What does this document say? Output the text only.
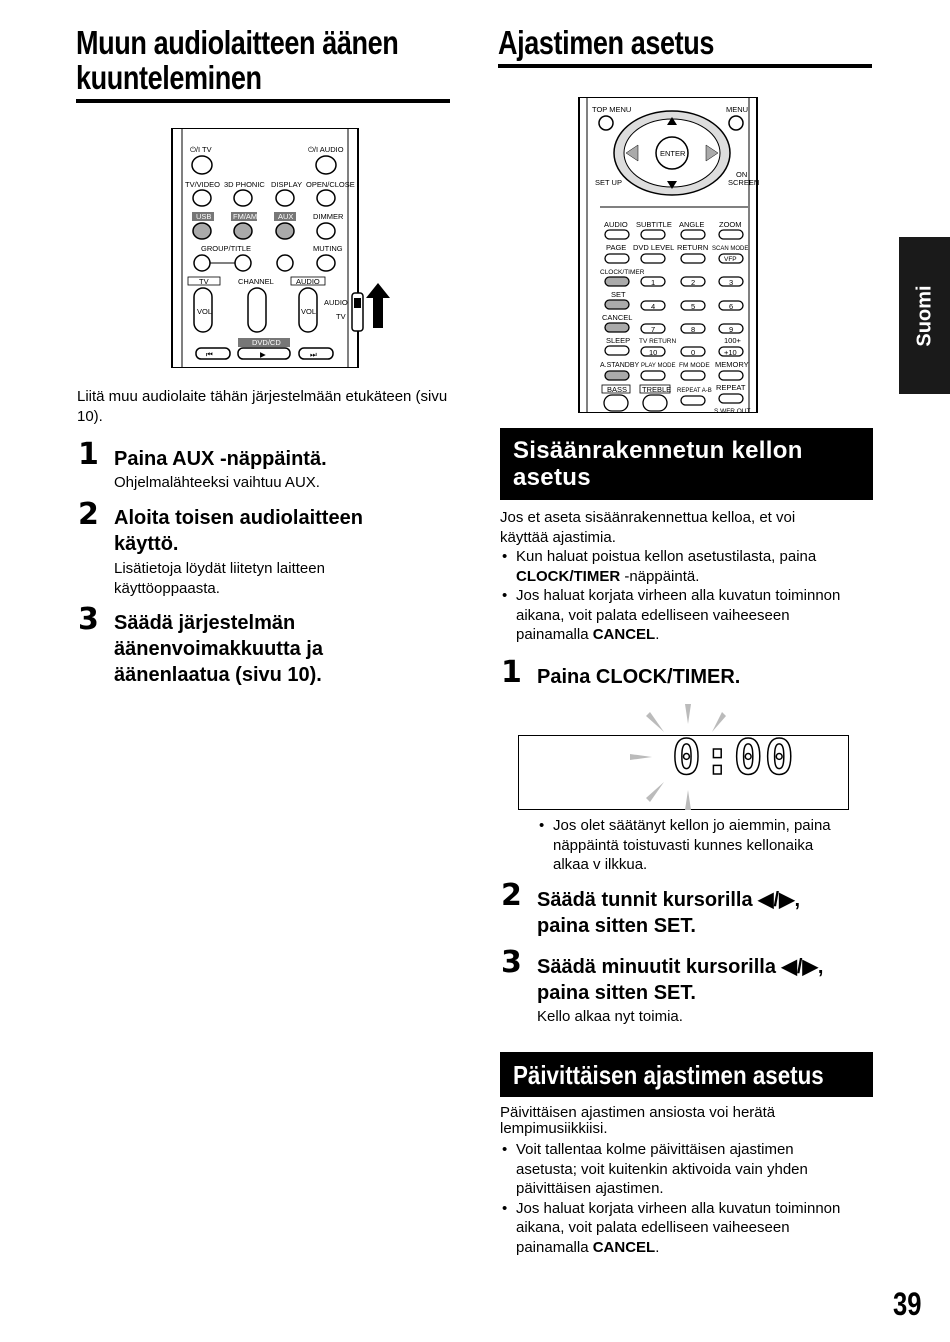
Muun audiolaitteen äänen
kuunteleminen
⏻/I TV	⏻/I AUDIO
TV/VIDEO 3D PHONIC DISPLAY OPEN/CLOSE
USB	FM/AM	AUX	DIMMER
GROUP/TITLE	MUTING
TV	CHANNEL	AUDIO
VOL	VOL
AUDIO
TV
DVD/CD
⏮	▶	⏭
Liitä muu audiolaite tähän järjestelmään etukäteen (sivu 10).
1 Paina AUX -näppäintä.
Ohjelmalähteeksi vaihtuu AUX.
2 Aloita toisen audiolaitteen
käyttö.
Lisätietoja löydät liitetyn laitteen
käyttöoppaasta.
3 Säädä järjestelmän
äänenvoimakkuutta ja
äänenlaatua (sivu 10).
Ajastimen asetus
TOP MENU	MENU
ENTER
SET UP
ON
SCREEN
AUDIO SUBTITLE ANGLE ZOOM
PAGE DVD LEVEL RETURN SCAN MODE
VFP
CLOCK/TIMER
SET
CANCEL
SLEEP
1	2	3
4	5	6
7	8	9
TV RETURN	100+
10	0	+10
A.STANDBY PLAY MODE FM MODE MEMORY
BASS TREBLE REPEAT A-B REPEAT
S.WFR OUT
Sisäänrakennetun kellon
asetus
Jos et aseta sisäänrakennettua kelloa, et voi
käyttää ajastimia.
• Kun haluat poistua kellon asetustilasta, paina
CLOCK/TIMER -näppäintä.
• Jos haluat korjata virheen alla kuvatun toiminnon
aikana, voit palata edelliseen vaiheeseen
painamalla CANCEL.
1 Paina CLOCK/TIMER.
0:00
• Jos olet säätänyt kellon jo aiemmin, paina
näppäintä toistuvasti kunnes kellonaika
alkaa v ilkkua.
2 Säädä tunnit kursorilla ◀/▶,
paina sitten SET.
3 Säädä minuutit kursorilla ◀/▶,
paina sitten SET.
Kello alkaa nyt toimia.
Päivittäisen ajastimen asetus
Päivittäisen ajastimen ansiosta voi herätä
lempimusiikkiisi.
• Voit tallentaa kolme päivittäisen ajastimen
asetusta; voit kuitenkin aktivoida vain yhden
päivittäisen ajastimen.
• Jos haluat korjata virheen alla kuvatun toiminnon
aikana, voit palata edelliseen vaiheeseen
painamalla CANCEL.
Suomi
39
